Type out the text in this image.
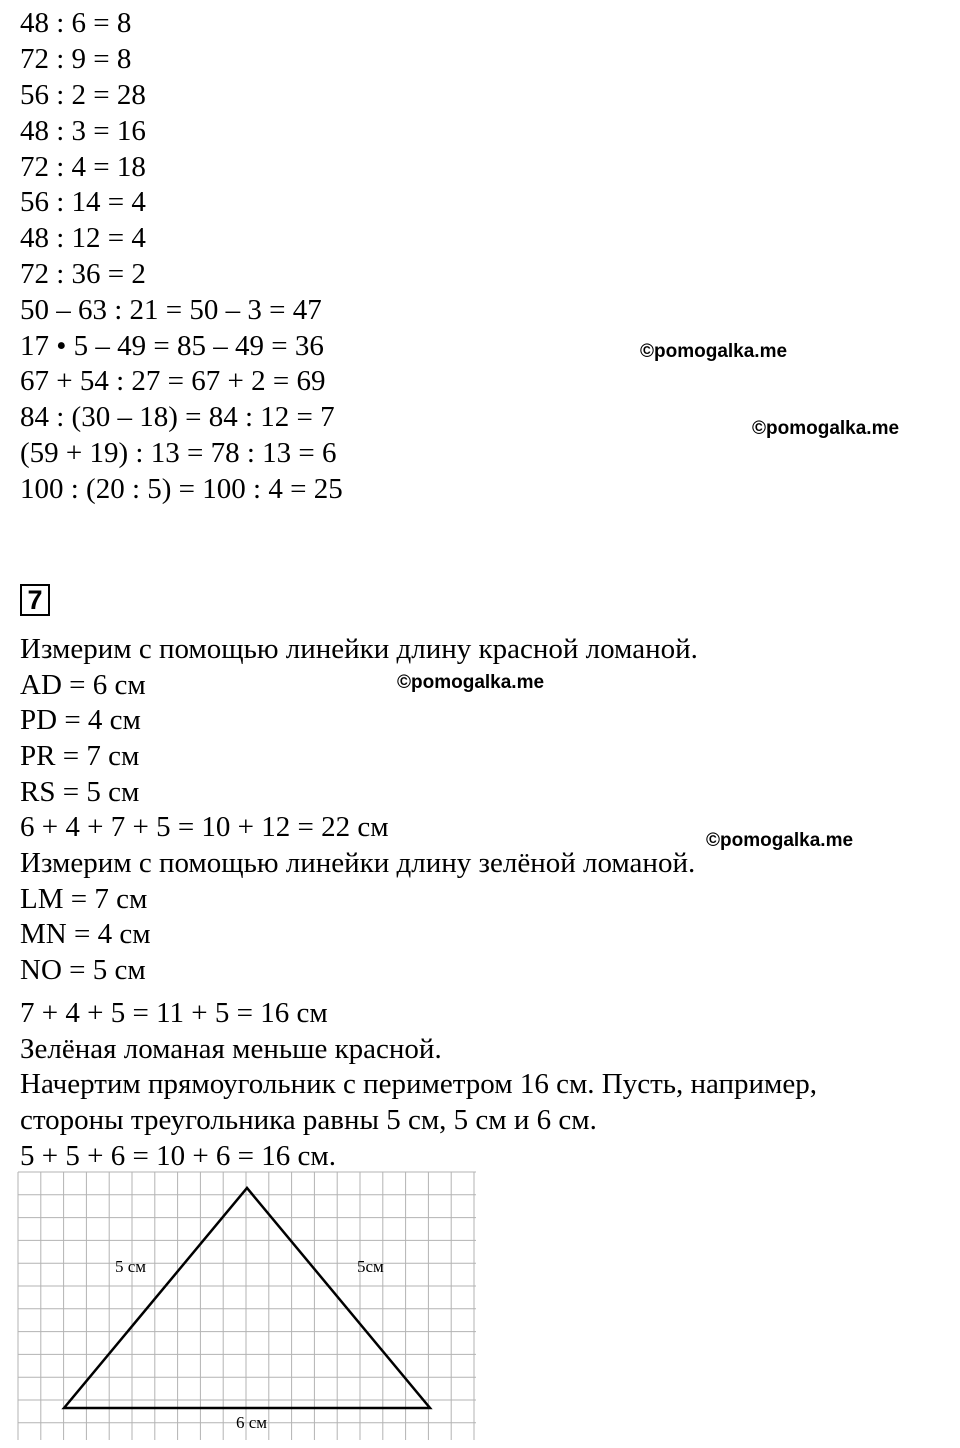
48 : 6 = 8
72 : 9 = 8
56 : 2 = 28
48 : 3 = 16
72 : 4 = 18
56 : 14 = 4
48 : 12 = 4
72 : 36 = 2
50 – 63 : 21 = 50 – 3 = 47
17 • 5 – 49 = 85 – 49 = 36
67 + 54 : 27 = 67 + 2 = 69
84 : (30 – 18) = 84 : 12 = 7
(59 + 19) : 13 = 78 : 13 = 6
100 : (20 : 5) = 100 : 4 = 25
©pomogalka.me
©pomogalka.me
©pomogalka.me
©pomogalka.me
7
Измерим с помощью линейки длину красной ломаной.
AD = 6 см
PD = 4 см
PR = 7 см
RS = 5 см
6 + 4 + 7 + 5 = 10 + 12 = 22 см
Измерим с помощью линейки длину зелёной ломаной.
LM = 7 см
MN = 4 см
NO = 5 см
7 + 4 + 5 = 11 + 5 = 16 см
Зелёная ломаная меньше красной.
Начертим прямоугольник с периметром 16 см. Пусть, например,
стороны треугольника равны 5 см, 5 см и 6 см.
5 + 5 + 6 = 10 + 6 = 16 см.
5 см	5см
6 см
